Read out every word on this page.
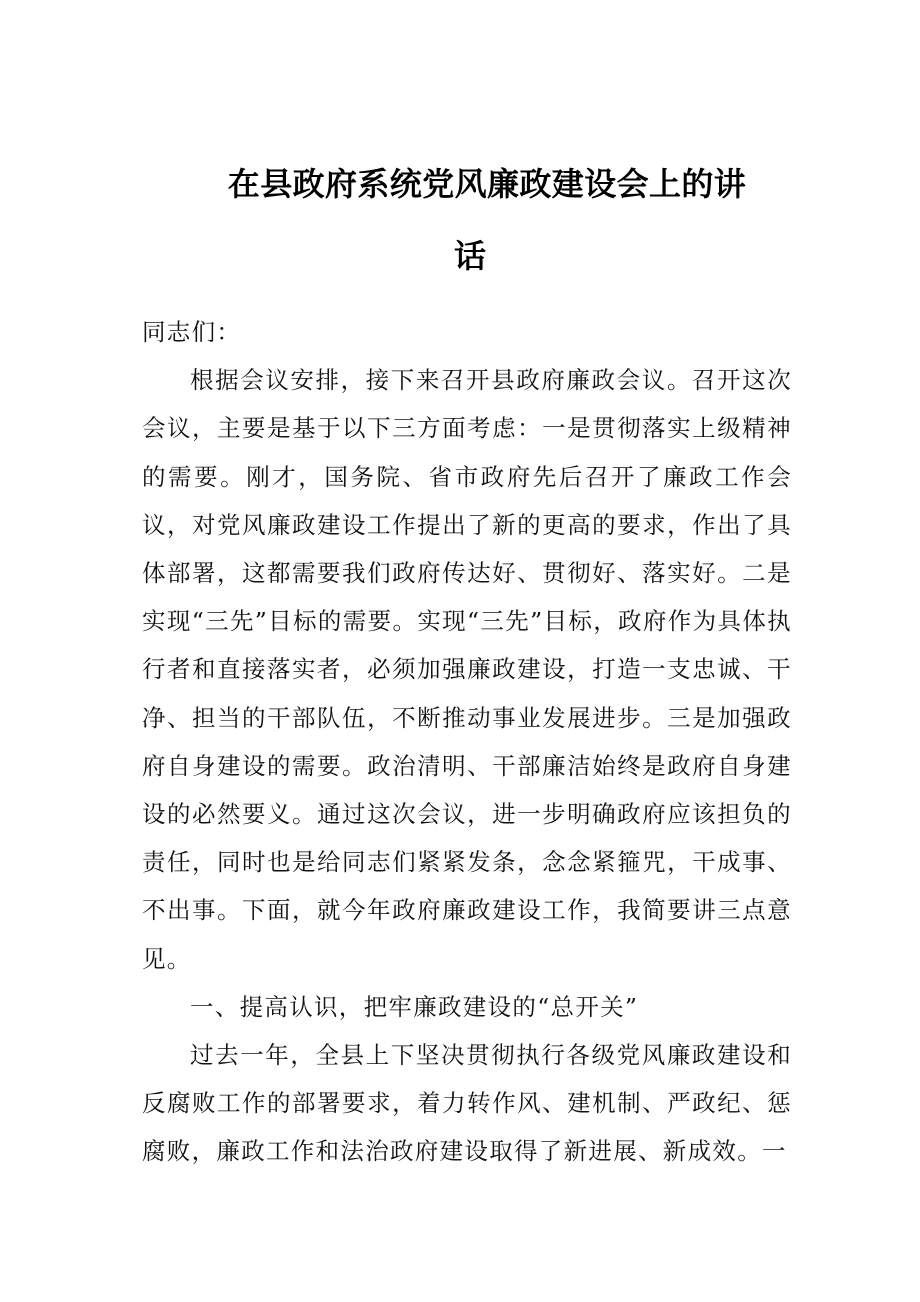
在县政府系统党风廉政建设会上的讲
话

同志们：

根据会议安排，接下来召开县政府廉政会议。召开这次会议，主要是基于以下三方面考虑：一是贯彻落实上级精神的需要。刚才，国务院、省市政府先后召开了廉政工作会议，对党风廉政建设工作提出了新的更高的要求，作出了具体部署，这都需要我们政府传达好、贯彻好、落实好。二是实现“三先”目标的需要。实现“三先”目标，政府作为具体执行者和直接落实者，必须加强廉政建设，打造一支忠诚、干净、担当的干部队伍，不断推动事业发展进步。三是加强政府自身建设的需要。政治清明、干部廉洁始终是政府自身建设的必然要义。通过这次会议，进一步明确政府应该担负的责任，同时也是给同志们紧紧发条，念念紧箍咒，干成事、不出事。下面，就今年政府廉政建设工作，我简要讲三点意见。

一、提高认识，把牢廉政建设的“总开关”

过去一年，全县上下坚决贯彻执行各级党风廉政建设和反腐败工作的部署要求，着力转作风、建机制、严政纪、惩腐败，廉政工作和法治政府建设取得了新进展、新成效。一
